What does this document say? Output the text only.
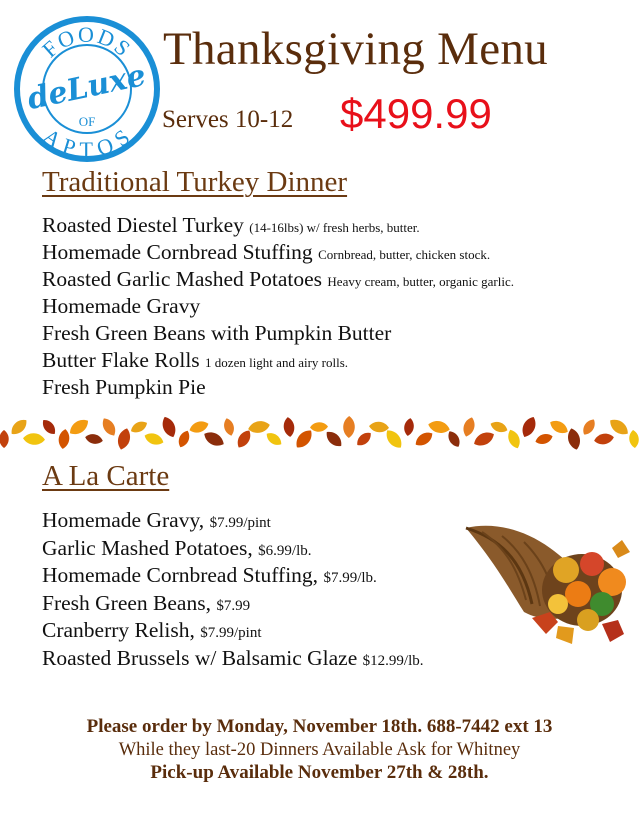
FOODS
APTOS
deLuxe
OF
Thanksgiving Menu
Serves 10-12 $499.99
Traditional Turkey Dinner
Roasted Diestel Turkey (14-16lbs) w/ fresh herbs, butter.
Homemade Cornbread Stuffing Cornbread, butter, chicken stock.
Roasted Garlic Mashed Potatoes Heavy cream, butter, organic garlic.
Homemade Gravy
Fresh Green Beans with Pumpkin Butter
Butter Flake Rolls 1 dozen light and airy rolls.
Fresh Pumpkin Pie
A La Carte
Homemade Gravy, $7.99/pint
Garlic Mashed Potatoes, $6.99/lb.
Homemade Cornbread Stuffing, $7.99/lb.
Fresh Green Beans, $7.99
Cranberry Relish, $7.99/pint
Roasted Brussels w/ Balsamic Glaze $12.99/lb.
Please order by Monday, November 18th. 688-7442 ext 13
While they last-20 Dinners Available Ask for Whitney
Pick-up Available November 27th & 28th.
